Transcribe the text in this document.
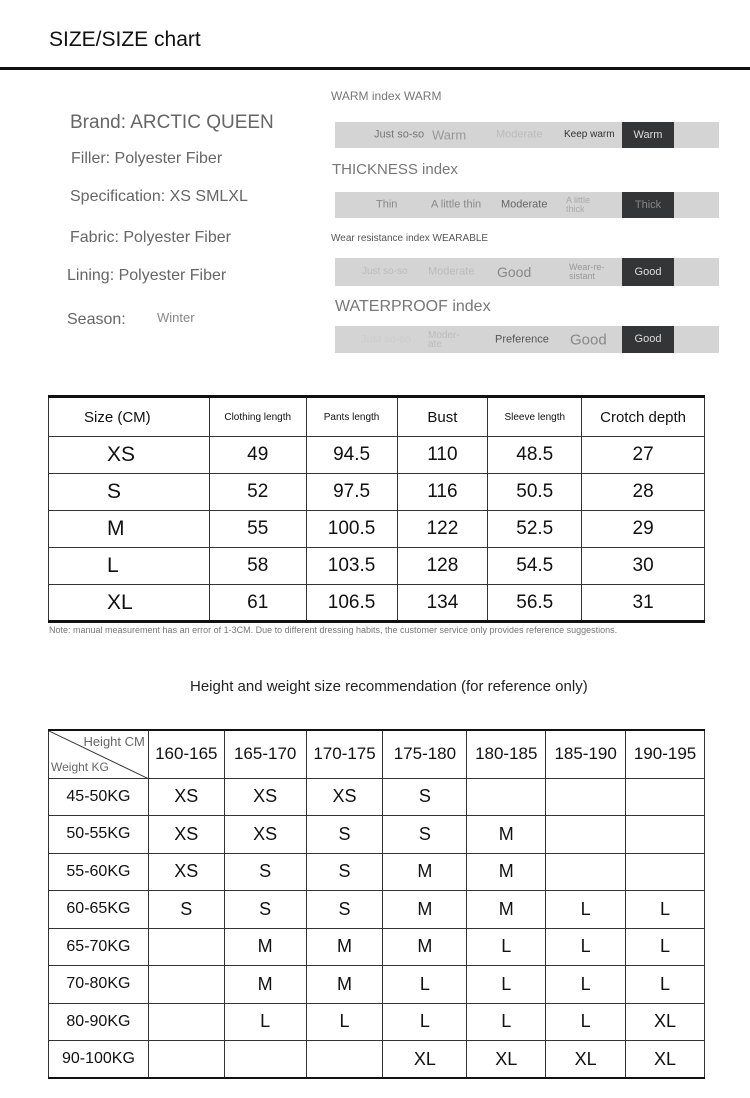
SIZE/SIZE chart
Brand: ARCTIC QUEEN
Filler: Polyester Fiber
Specification: XS SMLXL
Fabric: Polyester Fiber
Lining: Polyester Fiber
Season: Winter
WARM index WARM
Just so-so Warm	Moderate Keep warm	Warm
THICKNESS index
Thin	A little thin Moderate A little thick	Thick
Wear resistance index WEARABLE
Just so-so Moderate Good	Wear-re-sistant	Good
WATERPROOF index
Just so-so Moder-ate	Preference Good	Good
Size (CM)	Clothing length	Pants length	Bust	Sleeve length	Crotch depth
XS	49	94.5	110	48.5	27
S	52	97.5	116	50.5	28
M	55	100.5	122	52.5	29
L	58	103.5	128	54.5	30
XL	61	106.5	134	56.5	31
Note: manual measurement has an error of 1-3CM. Due to different dressing habits, the customer service only provides reference suggestions.
Height and weight size recommendation (for reference only)
Height CM
Weight KG	160-165	165-170	170-175	175-180	180-185	185-190	190-195
45-50KG	XS	XS	XS	S			
50-55KG	XS	XS	S	S	M		
55-60KG	XS	S	S	M	M		
60-65KG	S	S	S	M	M	L	L
65-70KG		M	M	M	L	L	L
70-80KG		M	M	L	L	L	L
80-90KG		L	L	L	L	L	XL
90-100KG				XL	XL	XL	XL
